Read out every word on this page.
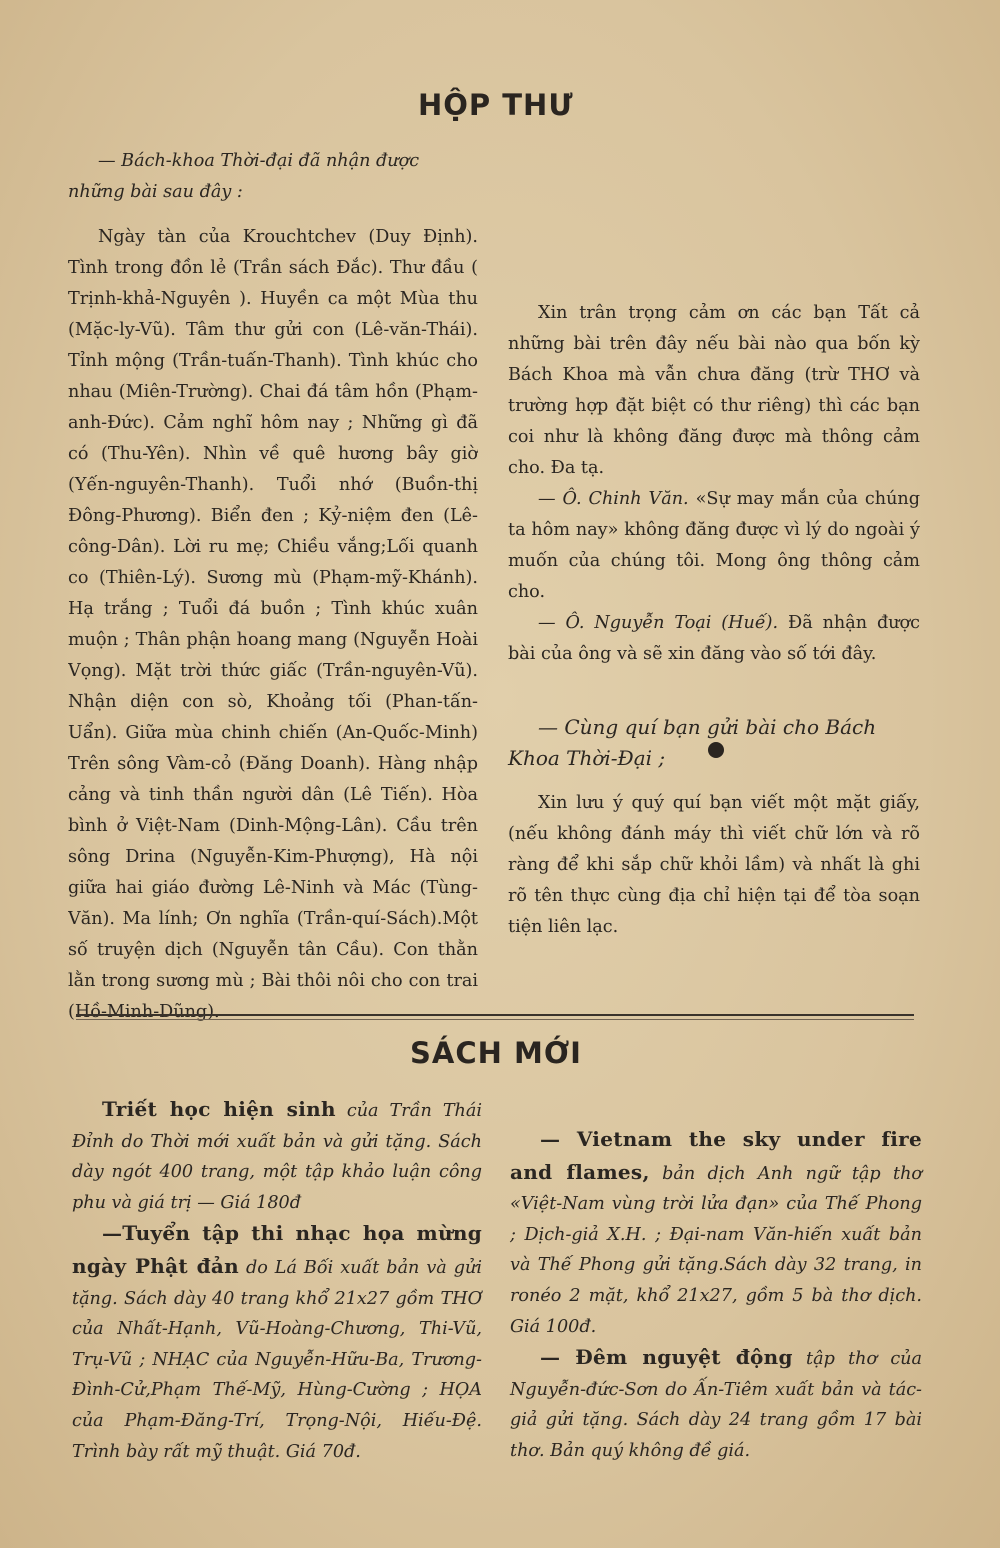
HỘP THƯ

— Bách-khoa Thời-đại đã nhận được những bài sau đây :

Ngày tàn của Krouchtchev (Duy Định). Tình trong đồn lẻ (Trần sách Đắc). Thư đầu ( Trịnh-khả-Nguyên ). Huyền ca một Mùa thu (Mặc-ly-Vũ). Tâm thư gửi con (Lê-văn-Thái). Tỉnh mộng (Trần-tuấn-Thanh). Tình khúc cho nhau (Miên-Trường). Chai đá tâm hồn (Phạm-anh-Đức). Cảm nghĩ hôm nay ; Những gì đã có (Thu-Yên). Nhìn về quê hương bây giờ (Yến-nguyên-Thanh). Tuổi nhớ (Buồn-thị Đông-Phương). Biển đen ; Kỷ-niệm đen (Lê-công-Dân). Lời ru mẹ; Chiều vắng;Lối quanh co (Thiên-Lý). Sương mù (Phạm-mỹ-Khánh). Hạ trắng ; Tuổi đá buồn ; Tình khúc xuân muộn ; Thân phận hoang mang (Nguyễn Hoài Vọng). Mặt trời thức giấc (Trần-nguyên-Vũ). Nhận diện con sò, Khoảng tối (Phan-tấn-Uẩn). Giữa mùa chinh chiến (An-Quốc-Minh) Trên sông Vàm-cỏ (Đăng Doanh). Hàng nhập cảng và tinh thần người dân (Lê Tiến). Hòa bình ở Việt-Nam (Dinh-Mộng-Lân). Cầu trên sông Drina (Nguyễn-Kim-Phượng), Hà nội giữa hai giáo đường Lê-Ninh và Mác (Tùng-Văn). Ma lính; Ơn nghĩa (Trần-quí-Sách).Một số truyện dịch (Nguyễn tân Cầu). Con thằn lằn trong sương mù ; Bài thôi nôi cho con trai (Hồ-Minh-Dũng).

Xin trân trọng cảm ơn các bạn Tất cả những bài trên đây nếu bài nào qua bốn kỳ Bách Khoa mà vẫn chưa đăng (trừ THƠ và trường hợp đặt biệt có thư riêng) thì các bạn coi như là không đăng được mà thông cảm cho. Đa tạ.

— Ô. Chinh Văn. «Sự may mắn của chúng ta hôm nay» không đăng được vì lý do ngoài ý muốn của chúng tôi. Mong ông thông cảm cho.

— Ô. Nguyễn Toại (Huế). Đã nhận được bài của ông và sẽ xin đăng vào số tới đây.

— Cùng quí bạn gửi bài cho Bách Khoa Thời-Đại ;

Xin lưu ý quý quí bạn viết một mặt giấy, (nếu không đánh máy thì viết chữ lớn và rõ ràng để khi sắp chữ khỏi lầm) và nhất là ghi rõ tên thực cùng địa chỉ hiện tại để tòa soạn tiện liên lạc.

SÁCH MỚI

Triết học hiện sinh của Trần Thái Đỉnh do Thời mới xuất bản và gửi tặng. Sách dày ngót 400 trang, một tập khảo luận công phu và giá trị — Giá 180đ

—Tuyển tập thi nhạc họa mừng ngày Phật đản do Lá Bối xuất bản và gửi tặng. Sách dày 40 trang khổ 21x27 gồm THƠ của Nhất-Hạnh, Vũ-Hoàng-Chương, Thi-Vũ, Trụ-Vũ ; NHẠC của Nguyễn-Hữu-Ba, Trương-Đình-Cử,Phạm Thế-Mỹ, Hùng-Cường ; HỌA của Phạm-Đăng-Trí, Trọng-Nội, Hiếu-Đệ. Trình bày rất mỹ thuật. Giá 70đ.

— Vietnam the sky under fire and flames, bản dịch Anh ngữ tập thơ «Việt-Nam vùng trời lửa đạn» của Thế Phong ; Dịch-giả X.H. ; Đại-nam Văn-hiến xuất bản và Thế Phong gửi tặng.Sách dày 32 trang, in ronéo 2 mặt, khổ 21x27, gồm 5 bà thơ dịch. Giá 100đ.

— Đêm nguyệt động tập thơ của Nguyễn-đức-Sơn do Ấn-Tiêm xuất bản và tác-giả gửi tặng. Sách dày 24 trang gồm 17 bài thơ. Bản quý không đề giá.
